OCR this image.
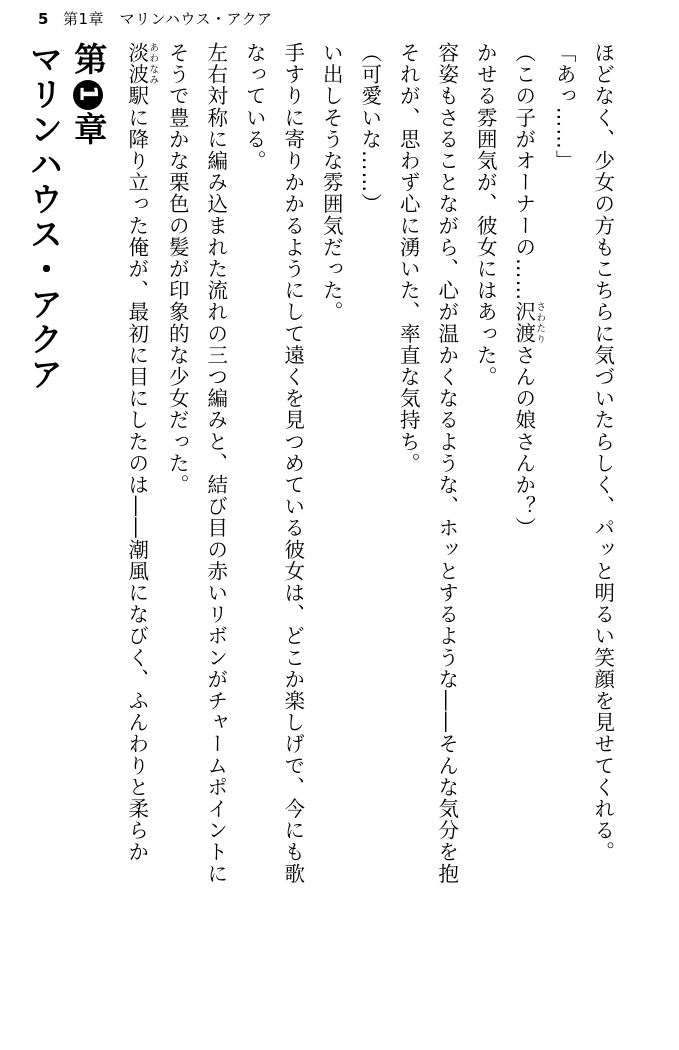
5 第1章　マリンハウス・アクア
第1章
マリンハウス・アクア	淡波あわなみ駅に降り立った俺が、最初に目にしたのは――潮風になびく、ふんわりと柔らか そうで豊かな栗色の髪が印象的な少女だった。 左右対称に編み込まれた流れの三つ編みと、結び目の赤いリボンがチャームポイントに なっている。 手すりに寄りかかるようにして遠くを見つめている彼女は、どこか楽しげで、今にも歌 い出しそうな雰囲気だった。 （可愛いな……） それが、思わず心に湧いた、率直な気持ち。 容姿もさることながら、心が温かくなるような、ホッとするような――そんな気分を抱 かせる雰囲気が、彼女にはあった。 （この子がオーナーの……沢渡さわたりさんの娘さんか？）
「あっ……」 ほどなく、少女の方もこちらに気づいたらしく、パッと明るい笑顔を見せてくれる。
